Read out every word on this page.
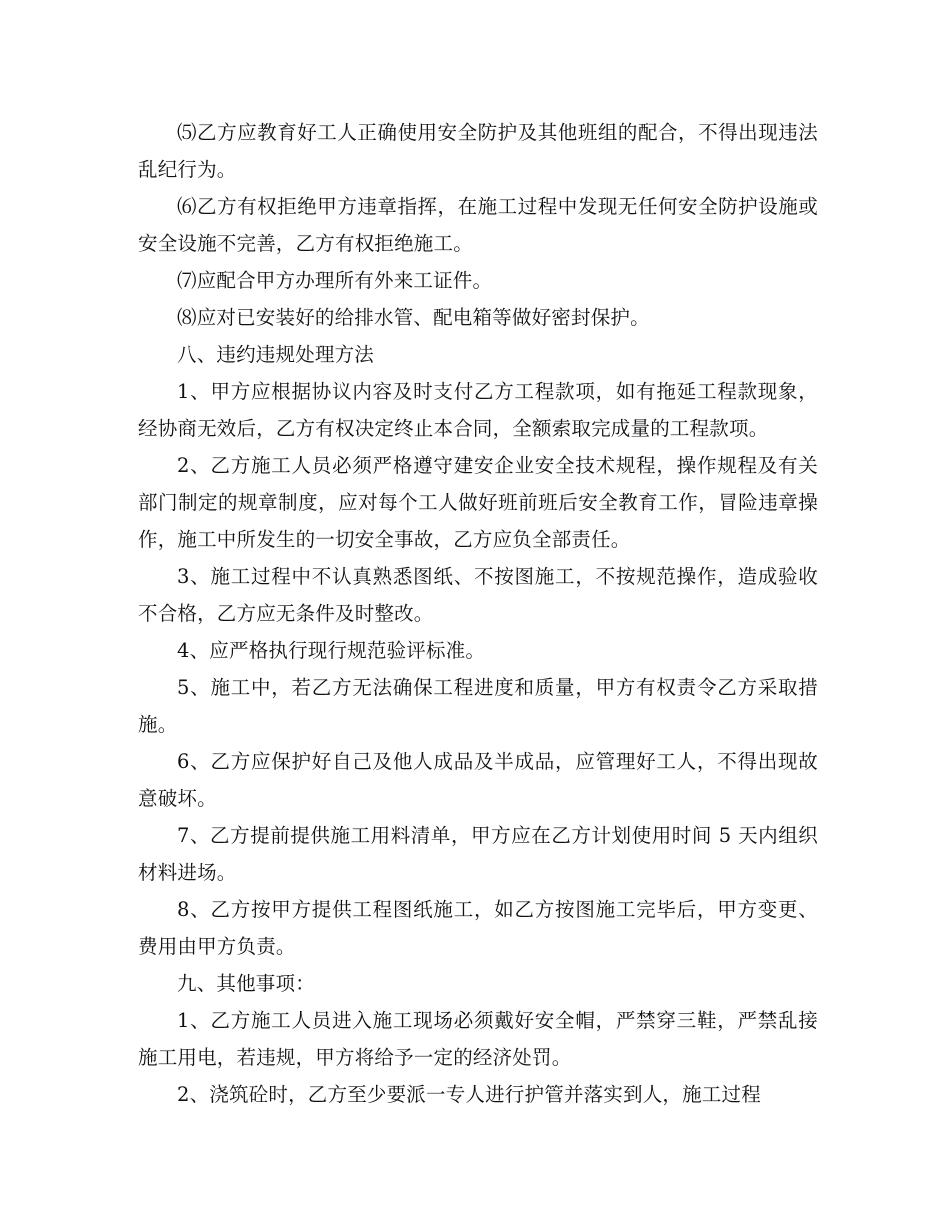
⑸乙方应教育好工人正确使用安全防护及其他班组的配合，不得出现违法乱纪行为。

⑹乙方有权拒绝甲方违章指挥，在施工过程中发现无任何安全防护设施或安全设施不完善，乙方有权拒绝施工。

⑺应配合甲方办理所有外来工证件。

⑻应对已安装好的给排水管、配电箱等做好密封保护。

八、违约违规处理方法

1、甲方应根据协议内容及时支付乙方工程款项，如有拖延工程款现象，经协商无效后，乙方有权决定终止本合同，全额索取完成量的工程款项。

2、乙方施工人员必须严格遵守建安企业安全技术规程，操作规程及有关部门制定的规章制度，应对每个工人做好班前班后安全教育工作，冒险违章操作，施工中所发生的一切安全事故，乙方应负全部责任。

3、施工过程中不认真熟悉图纸、不按图施工，不按规范操作，造成验收不合格，乙方应无条件及时整改。

4、应严格执行现行规范验评标准。

5、施工中，若乙方无法确保工程进度和质量，甲方有权责令乙方采取措施。

6、乙方应保护好自己及他人成品及半成品，应管理好工人，不得出现故意破坏。

7、乙方提前提供施工用料清单，甲方应在乙方计划使用时间 5 天内组织材料进场。

8、乙方按甲方提供工程图纸施工，如乙方按图施工完毕后，甲方变更、费用由甲方负责。

九、其他事项：

1、乙方施工人员进入施工现场必须戴好安全帽，严禁穿三鞋，严禁乱接施工用电，若违规，甲方将给予一定的经济处罚。

2、浇筑砼时，乙方至少要派一专人进行护管并落实到人，施工过程
